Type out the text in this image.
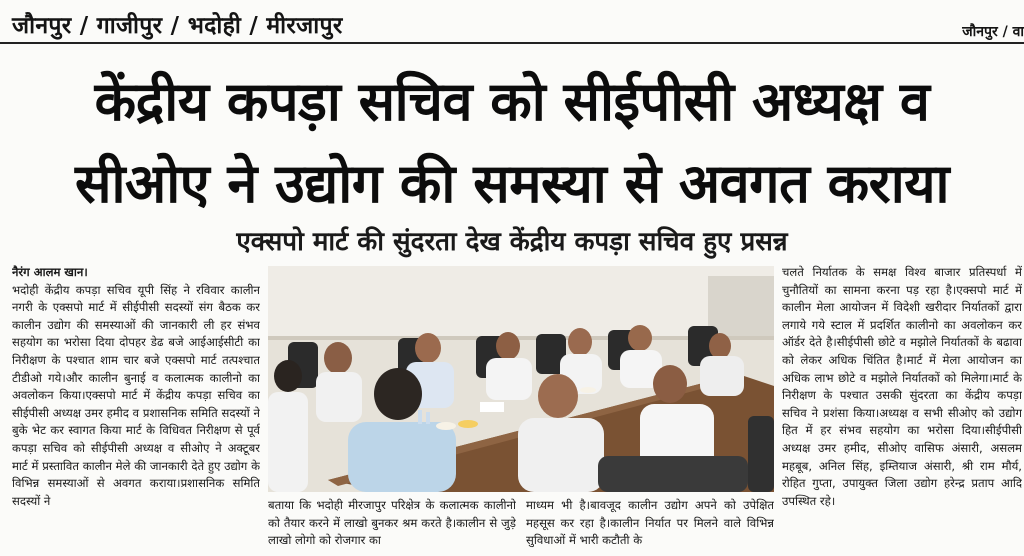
जौनपुर / गाजीपुर / भदोही / मीरजापुर	जौनपुर / वा
केंद्रीय कपड़ा सचिव को सीईपीसी अध्यक्ष व
सीओए ने उद्योग की समस्या से अवगत कराया
एक्सपो मार्ट की सुंदरता देख केंद्रीय कपड़ा सचिव हुए प्रसन्न

नैरंग आलम खान।

भदोही केंद्रीय कपड़ा सचिव यूपी सिंह ने रविवार कालीन नगरी के एक्सपो मार्ट में सीईपीसी सदस्यों संग बैठक कर कालीन उद्योग की समस्याओं की जानकारी ली हर संभव सहयोग का भरोसा दिया दोपहर डेढ बजे आईआईसीटी का निरीक्षण के पश्चात शाम चार बजे एक्सपो मार्ट तत्पश्चात टीडीओ गये।और कालीन बुनाई व कलात्मक कालीनो का अवलोकन किया।एक्सपो मार्ट में केंद्रीय कपड़ा सचिव का सीईपीसी अध्यक्ष उमर हमीद व प्रशासनिक समिति सदस्यों ने बुके भेट कर स्वागत किया मार्ट के विधिवत निरीक्षण से पूर्व कपड़ा सचिव को सीईपीसी अध्यक्ष व सीओए ने अक्टूबर मार्ट में प्रस्तावित कालीन मेले की जानकारी देते हुए उद्योग के विभिन्न समस्याओं से अवगत कराया।प्रशासनिक समिति सदस्यों ने	बताया कि भदोही मीरजापुर परिक्षेत्र के कलात्मक कालीनो को तैयार करने में लाखो बुनकर श्रम करते है।कालीन से जुड़े लाखो लोगो को रोजगार का
माध्यम भी है।बावजूद कालीन उद्योग अपने को उपेक्षित महसूस कर रहा है।कालीन निर्यात पर मिलने वाले विभिन्न सुविधाओं में भारी कटौती के
चलते निर्यातक के समक्ष विश्व बाजार प्रतिस्पर्धा में चुनौतियों का सामना करना पड़ रहा है।एक्सपो मार्ट में कालीन मेला आयोजन में विदेशी खरीदार निर्यातकों द्वारा लगाये गये स्टाल में प्रदर्शित कालीनो का अवलोकन कर ऑर्डर देते है।सीईपीसी छोटे व मझोले निर्यातकों के बढावा को लेकर अधिक चिंतित है।मार्ट में मेला आयोजन का अधिक लाभ छोटे व मझोले निर्यातकों को मिलेगा।मार्ट के निरीक्षण के पश्चात उसकी सुंदरता का केंद्रीय कपड़ा सचिव ने प्रशंसा किया।अध्यक्ष व सभी सीओए को उद्योग हित में हर संभव सहयोग का भरोसा दिया।सीईपीसी अध्यक्ष उमर हमीद, सीओए वासिफ अंसारी, असलम महबूब, अनिल सिंह, इम्तियाज अंसारी, श्री राम मौर्य, रोहित गुप्ता, उपायुक्त जिला उद्योग हरेन्द्र प्रताप आदि उपस्थित रहे।
